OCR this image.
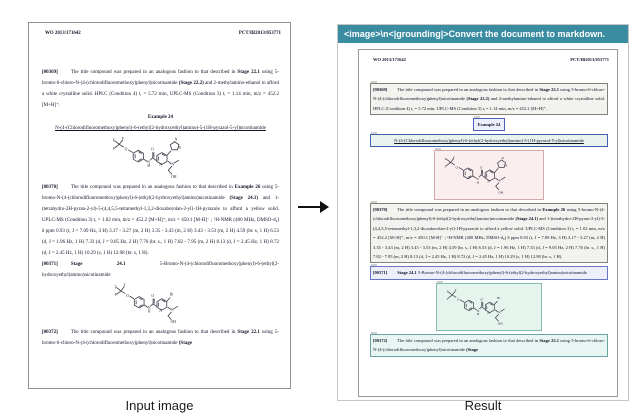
WO 2013/171642	PCT/IB2013/053771

[00369]	The title compound was prepared in an analogous fashion to that described in Stage 22.1 using 5-bromo-6-chloro-N-(4-(chlorodifluoromethoxy)phenyl)nicotinamide (Stage 22.2) and 2-methylamino-ethanol to afford a white crystalline solid. HPLC (Condition 4) tᵣ = 5.72 min, UPLC-MS (Condition 3) tᵣ = 1.14 min, m/z = 452.2 [M+H]⁺.

Example 24

N-(4-(Chlorodifluoromethoxy)phenyl)-6-(ethyl(2-hydroxyethyl)amino)-5-(1H-pyrazol-5-yl)nicotinamide

F
F
F
O
N
H
O
N
N
N
N
OH

[00370]	The title compound was prepared in an analogous fashion to that described in Example 26 using 5-bromo-N-(4-(chlorodifluoromethoxy)phenyl)-6-(ethyl(2-hydroxyethyl)amino)nicotinamide (Stage 24.1) and 1-(tetrahydro-2H-pyran-2-yl)-5-(4,4,5,5-tetramethyl-1,3,2-dioxaborolan-2-yl)-1H-pyrazole to afford a yellow solid. UPLC-MS (Condition 3) tᵣ = 1.02 min, m/z = 452.2 [M+H]⁺, m/z = 450.1 [M-H]⁻ ; ¹H-NMR (400 MHz, DMSO-d₆) δ ppm 0.93 (t, J = 7.09 Hz, 3 H) 3.17 - 3.27 (m, 2 H) 3.35 - 3.43 (m, 2 H) 3.43 - 3.53 (m, 2 H) 4.59 (br. s, 1 H) 6.53 (d, J = 1.96 Hz, 1 H) 7.33 (d, J = 9.05 Hz, 2 H) 7.76 (br. s., 1 H) 7.82 - 7.95 (m, 2 H) 8.13 (d, J = 2.45 Hz, 1 H) 8.72 (d, J = 2.45 Hz, 1 H) 10.29 (s, 1 H) 12.98 (br. s, 1 H).

[00371]	Stage 24.1 5-Bromo-N-(4-(chlorodifluoromethoxy)phenyl)-6-(ethyl(2-hydroxyethyl)amino)nicotinamide

F
F
F
O
N
H
O
N
Br
N
OH

[00372]	The title compound was prepared in an analogous fashion to that described in Stage 22.1 using 5-bromo-6-chloro-N-(4-(chlorodifluoromethoxy)phenyl)nicotinamide (Stage

<image>\n<|grounding|>Convert the document to markdown.
WO 2013/171642	PCT/IB2013/053771

[00369] The title compound was prepared in an analogous fashion to that described in Stage 22.1 using 5-bromo-6-chloro-N-(4-(chlorodifluoromethoxy)phenyl)nicotinamide (Stage 22.2) and 2-methylamino-ethanol to afford a white crystalline solid. HPLC (Condition 4) tᵣ = 5.72 min, UPLC-MS (Condition 3) tᵣ = 1.14 min, m/z = 452.2 [M+H]⁺.

Example 24

N-(4-(Chlorodifluoromethoxy)phenyl)-6-(ethyl(2-hydroxyethyl)amino)-5-(1H-pyrazol-5-yl)nicotinamide

F
F
F
O
N
H
O
N
N
N
N
OH

[00370] The title compound was prepared in an analogous fashion to that described in Example 26 using 5-bromo-N-(4-(chlorodifluoromethoxy)phenyl)-6-(ethyl(2-hydroxyethyl)amino)nicotinamide (Stage 24.1) and 1-(tetrahydro-2H-pyran-2-yl)-5-(4,4,5,5-tetramethyl-1,3,2-dioxaborolan-2-yl)-1H-pyrazole to afford a yellow solid. UPLC-MS (Condition 3) tᵣ = 1.02 min, m/z = 452.2 [M+H]⁺, m/z = 450.1 [M-H]⁻ ; ¹H-NMR (400 MHz, DMSO-d₆) δ ppm 0.93 (t, J = 7.09 Hz, 3 H) 3.17 - 3.27 (m, 2 H) 3.35 - 3.43 (m, 2 H) 3.43 - 3.53 (m, 2 H) 4.59 (br. s, 1 H) 6.53 (d, J = 1.96 Hz, 1 H) 7.33 (d, J = 9.05 Hz, 2 H) 7.76 (br. s., 1 H) 7.82 - 7.95 (m, 2 H) 8.13 (d, J = 2.45 Hz, 1 H) 8.72 (d, J = 2.45 Hz, 1 H) 10.29 (s, 1 H) 12.98 (br. s, 1 H).

[00371] Stage 24.1 5-Bromo-N-(4-(chlorodifluoromethoxy)phenyl)-6-(ethyl(2-hydroxyethyl)amino)nicotinamide

F
F
F
O
N
H
O
N
Br
N
OH

[00372] The title compound was prepared in an analogous fashion to that described in Stage 22.1 using 5-bromo-6-chloro-N-(4-(chlorodifluoromethoxy)phenyl)nicotinamide (Stage

Input image	Result
